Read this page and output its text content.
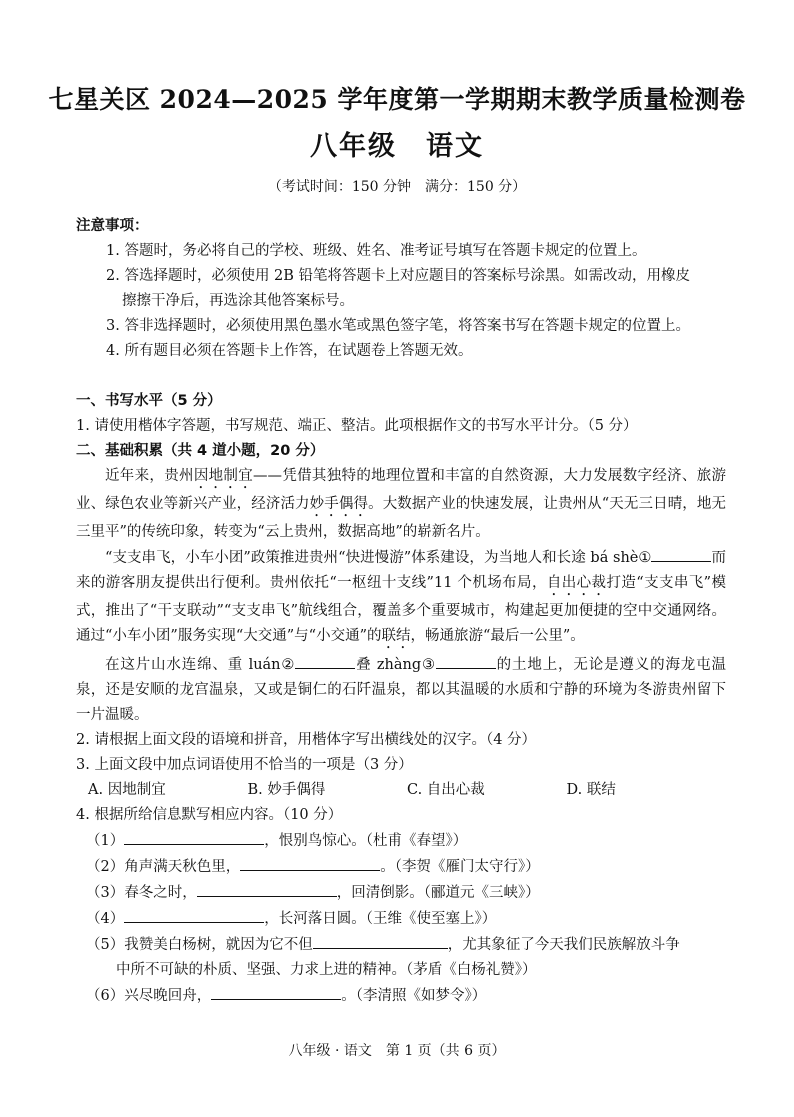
七星关区 2024—2025 学年度第一学期期末教学质量检测卷
八年级　语文
（考试时间：150 分钟　满分：150 分）
注意事项：
1. 答题时，务必将自己的学校、班级、姓名、准考证号填写在答题卡规定的位置上。
2. 答选择题时，必须使用 2B 铅笔将答题卡上对应题目的答案标号涂黑。如需改动，用橡皮
擦擦干净后，再选涂其他答案标号。
3. 答非选择题时，必须使用黑色墨水笔或黑色签字笔，将答案书写在答题卡规定的位置上。
4. 所有题目必须在答题卡上作答，在试题卷上答题无效。
一、书写水平（5 分）
1. 请使用楷体字答题，书写规范、端正、整洁。此项根据作文的书写水平计分。（5 分）
二、基础积累（共 4 道小题，20 分）
近年来，贵州因地制宜——凭借其独特的地理位置和丰富的自然资源，大力发展数字经济、旅游业、绿色农业等新兴产业，经济活力妙手偶得。大数据产业的快速发展，让贵州从“天无三日晴，地无三里平”的传统印象，转变为“云上贵州，数据高地”的崭新名片。
“支支串飞，小车小团”政策推进贵州“快进慢游”体系建设，为当地人和长途 bá shè①	而来的游客朋友提供出行便利。贵州依托“一枢纽十支线”11 个机场布局，自出心裁打造“支支串飞”模式，推出了“干支联动”“支支串飞”航线组合，覆盖多个重要城市，构建起更加便捷的空中交通网络。通过“小车小团”服务实现“大交通”与“小交通”的联结，畅通旅游“最后一公里”。
在这片山水连绵、重 luán②	叠 zhàng③	的土地上，无论是遵义的海龙屯温泉，还是安顺的龙宫温泉，又或是铜仁的石阡温泉，都以其温暖的水质和宁静的环境为冬游贵州留下一片温暖。
2. 请根据上面文段的语境和拼音，用楷体字写出横线处的汉字。（4 分）
3. 上面文段中加点词语使用不恰当的一项是（3 分）
A. 因地制宜	B. 妙手偶得	C. 自出心裁	D. 联结
4. 根据所给信息默写相应内容。（10 分）
（1）	，恨别鸟惊心。（杜甫《春望》）
（2）角声满天秋色里，	。（李贺《雁门太守行》）
（3）春冬之时，	，回清倒影。（郦道元《三峡》）
（4）	，长河落日圆。（王维《使至塞上》）
（5）我赞美白杨树，就因为它不但	，尤其象征了今天我们民族解放斗争
中所不可缺的朴质、坚强、力求上进的精神。（茅盾《白杨礼赞》）
（6）兴尽晚回舟，	。（李清照《如梦令》）
八年级 · 语文　第 1 页（共 6 页）
